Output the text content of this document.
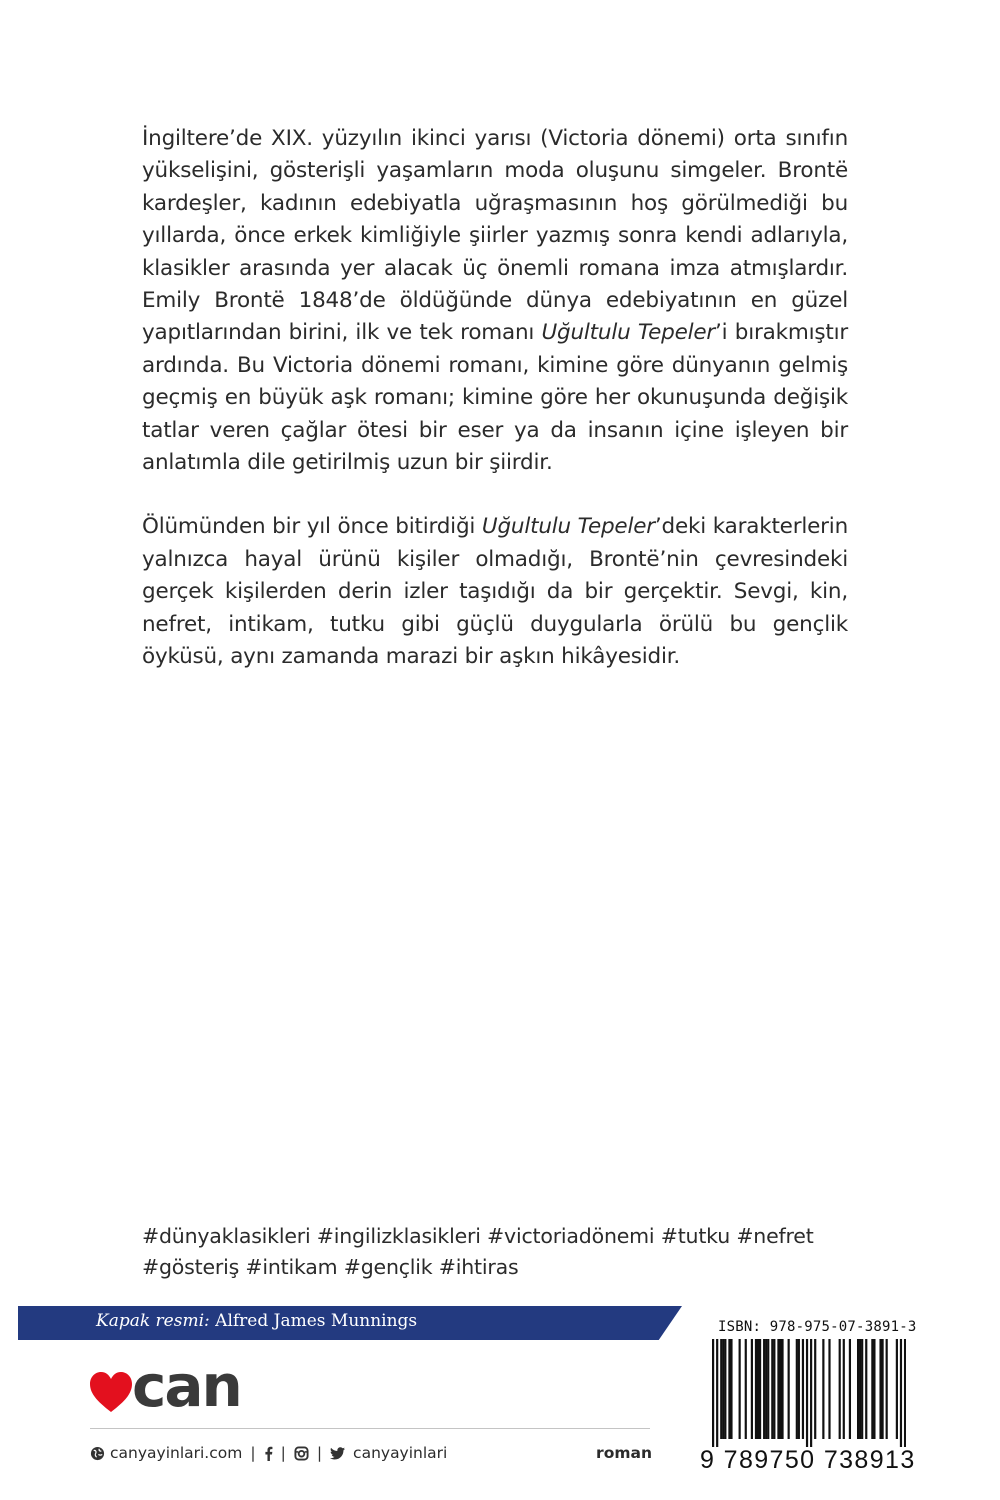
İngiltere’de XIX. yüzyılın ikinci yarısı (Victoria dönemi) orta sınıfın yükselişini, gösterişli yaşamların moda oluşunu simgeler. Brontë kardeşler, kadının edebiyatla uğraşmasının hoş görülmediği bu yıllarda, önce erkek kimliğiyle şiirler yazmış sonra kendi adlarıyla, klasikler arasında yer alacak üç önemli romana imza atmışlardır. Emily Brontë 1848’de öldüğünde dünya edebiyatının en güzel yapıtlarından birini, ilk ve tek romanı Uğultulu Tepeler’i bırakmıştır ardında. Bu Victoria dönemi romanı, kimine göre dünyanın gelmiş geçmiş en büyük aşk romanı; kimine göre her okunuşunda değişik tatlar veren çağlar ötesi bir eser ya da insanın içine işleyen bir anlatımla dile getirilmiş uzun bir şiirdir.

Ölümünden bir yıl önce bitirdiği Uğultulu Tepeler’deki karakterlerin yalnızca hayal ürünü kişiler olmadığı, Brontë’nin çevresindeki gerçek kişilerden derin izler taşıdığı da bir gerçektir. Sevgi, kin, nefret, intikam, tutku gibi güçlü duygularla örülü bu gençlik öyküsü, aynı zamanda marazi bir aşkın hikâyesidir.

#dünyaklasikleri #ingilizklasikleri #victoriadönemi #tutku #nefret
#gösteriş #intikam #gençlik #ihtiras
Kapak resmi: Alfred James Munnings
can
canyayinlari.com | | | canyayinlari	roman
ISBN: 978-975-07-3891-3
9 789750 738913
